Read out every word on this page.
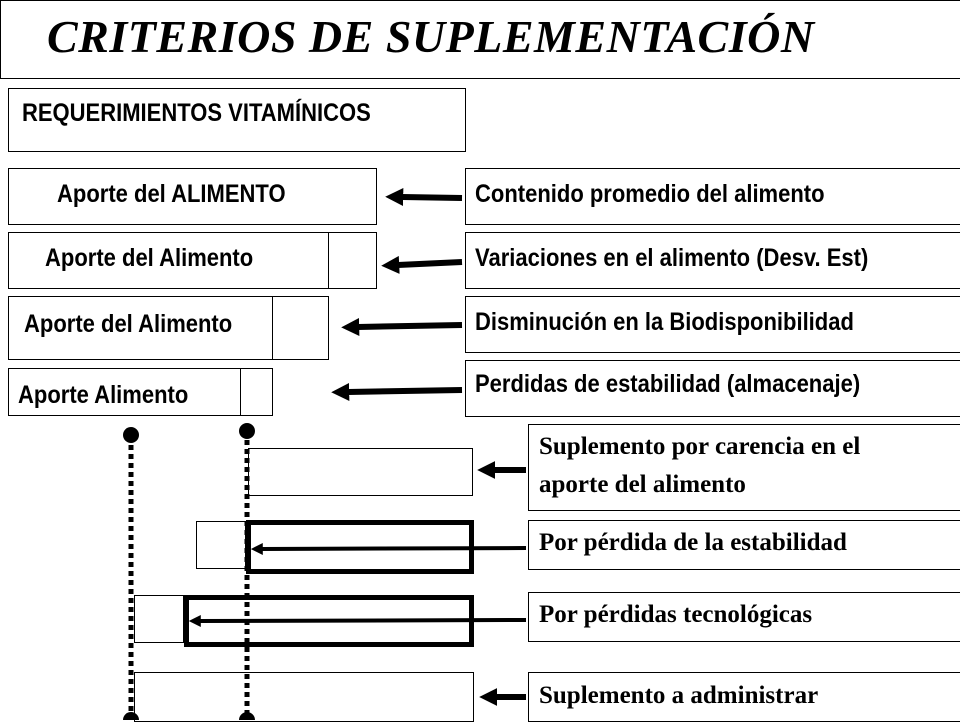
CRITERIOS DE SUPLEMENTACIÓN
REQUERIMIENTOS VITAMÍNICOS
Aporte del ALIMENTO
Aporte del Alimento
Aporte del Alimento
Aporte Alimento
Contenido promedio del alimento
Variaciones en el alimento (Desv. Est)
Disminución en la Biodisponibilidad
Perdidas de estabilidad (almacenaje)
Suplemento por carencia en el
aporte del alimento
Por pérdida de la estabilidad
Por pérdidas tecnológicas
Suplemento a administrar
